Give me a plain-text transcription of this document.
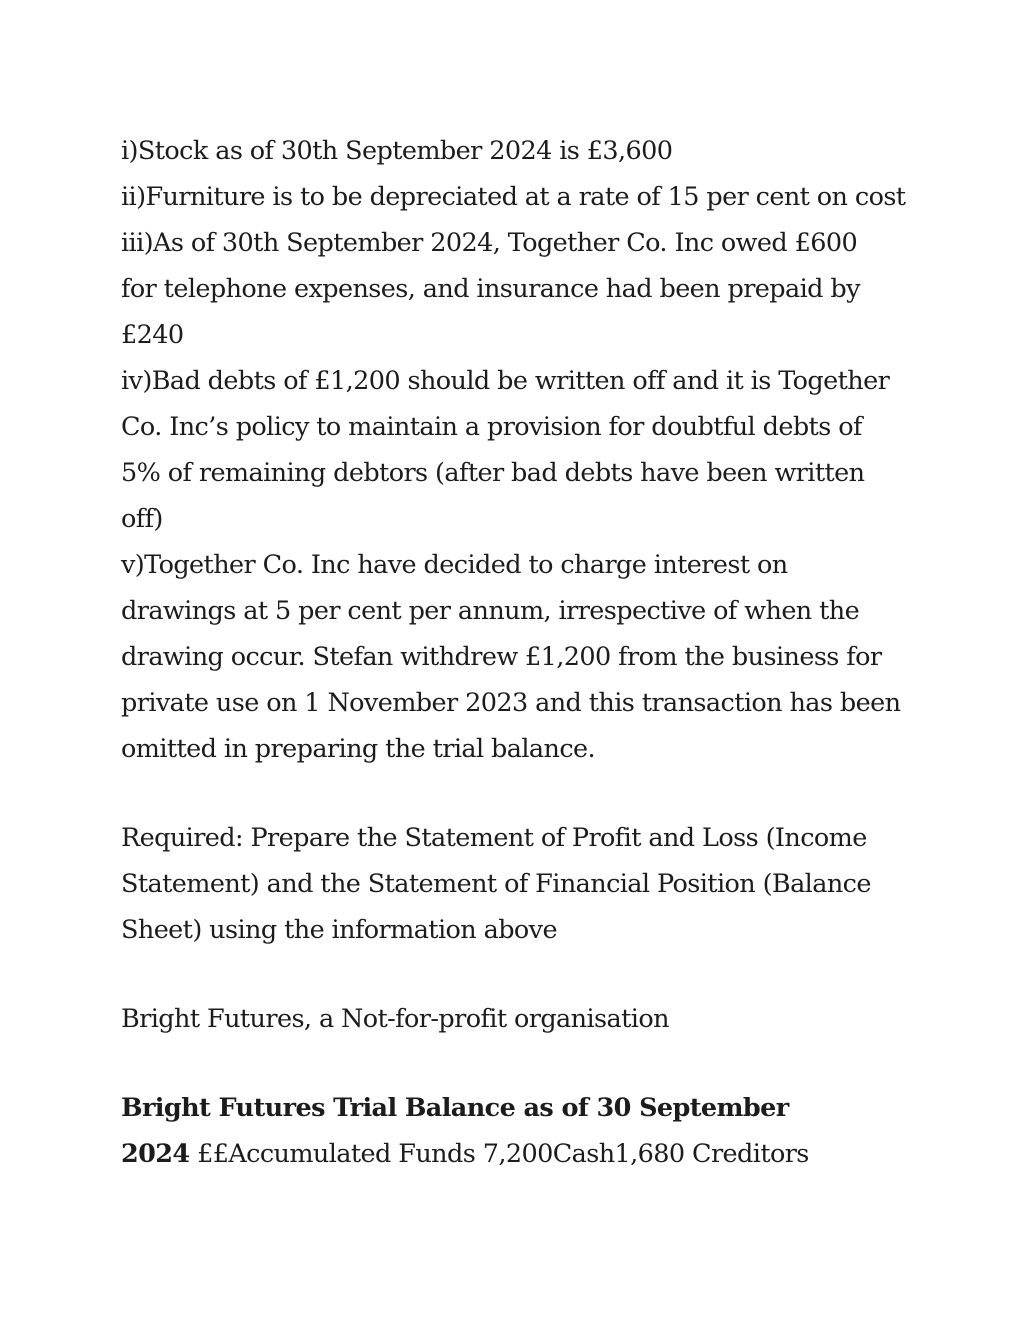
i)Stock as of 30th September 2024 is £3,600
ii)Furniture is to be depreciated at a rate of 15 per cent on cost
iii)As of 30th September 2024, Together Co. Inc owed £600
for telephone expenses, and insurance had been prepaid by
£240
iv)Bad debts of £1,200 should be written off and it is Together
Co. Inc’s policy to maintain a provision for doubtful debts of
5% of remaining debtors (after bad debts have been written
off)
v)Together Co. Inc have decided to charge interest on
drawings at 5 per cent per annum, irrespective of when the
drawing occur. Stefan withdrew £1,200 from the business for
private use on 1 November 2023 and this transaction has been
omitted in preparing the trial balance.
Required: Prepare the Statement of Profit and Loss (Income
Statement) and the Statement of Financial Position (Balance
Sheet) using the information above
Bright Futures, a Not-for-profit organisation
Bright Futures Trial Balance as of 30 September
2024 ££Accumulated Funds 7,200Cash1,680 Creditors
